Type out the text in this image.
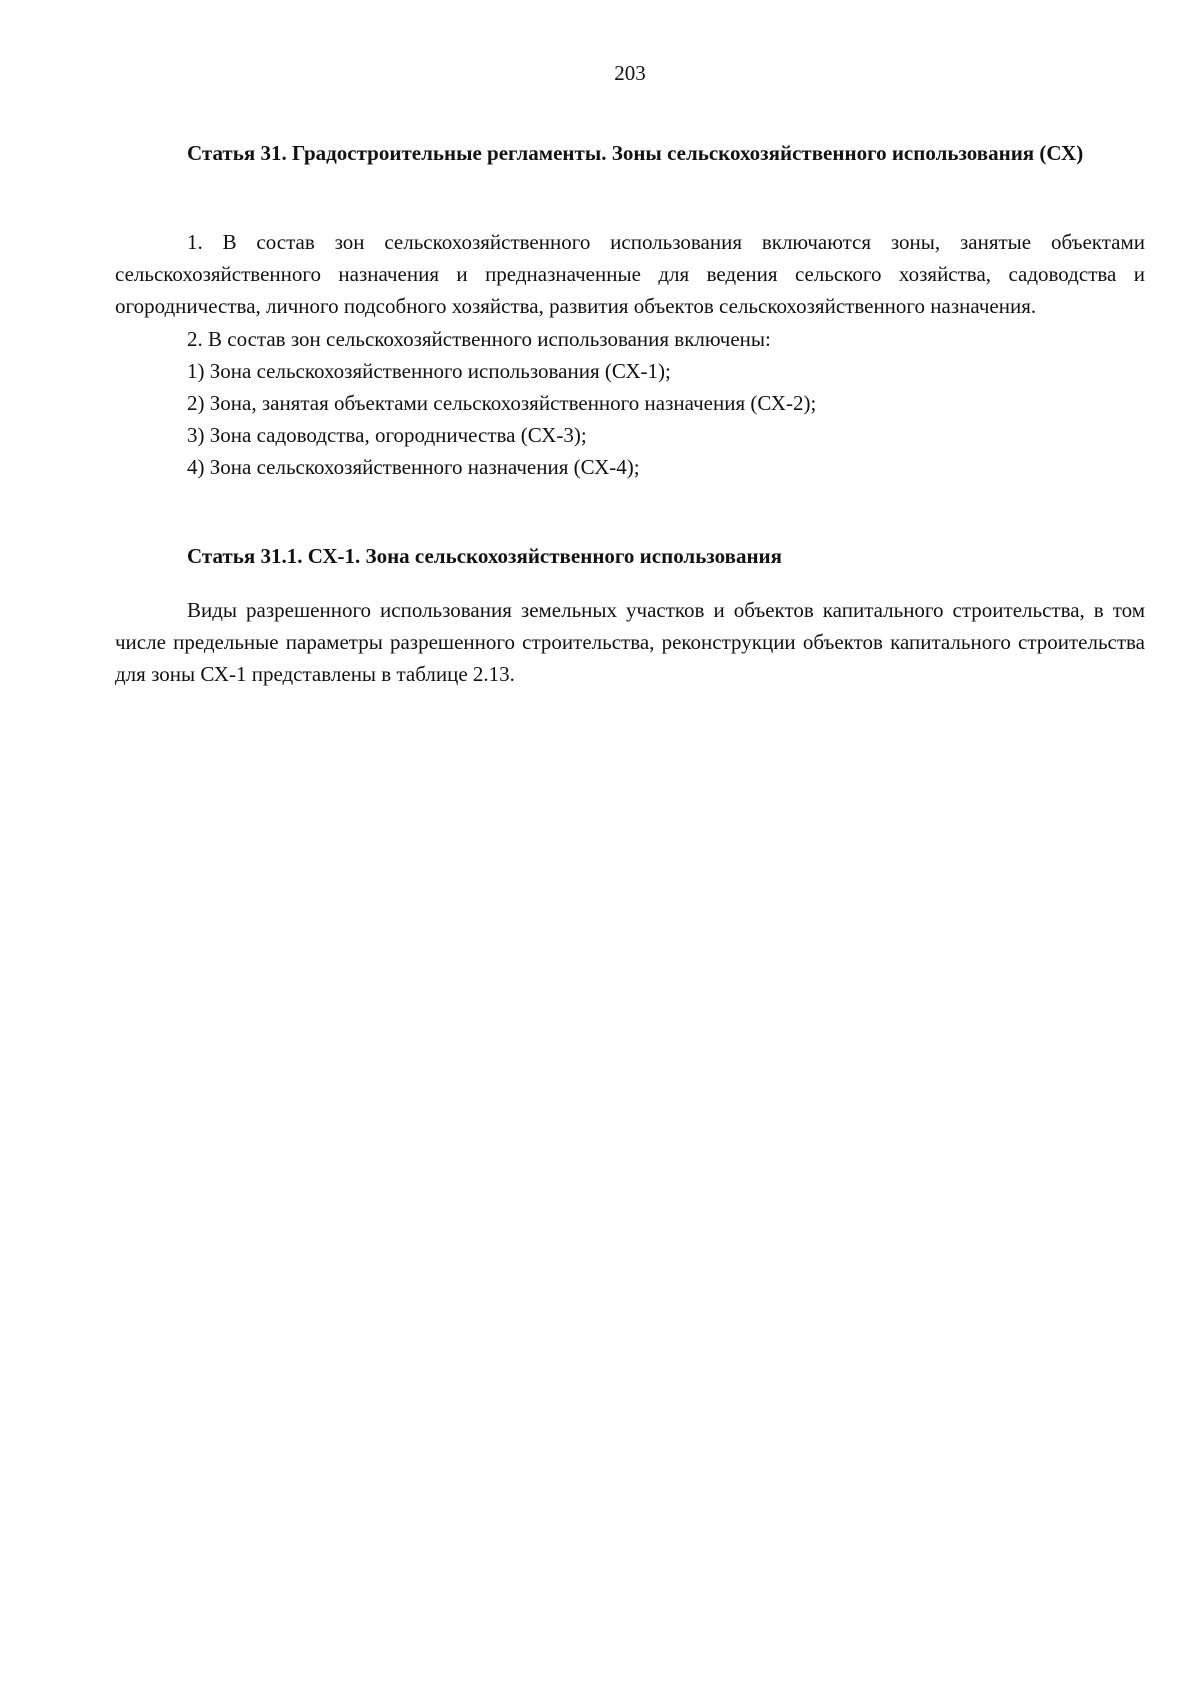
203
Статья 31. Градостроительные регламенты. Зоны сельскохозяйственного использования (СХ)

1. В состав зон сельскохозяйственного использования включаются зоны, занятые объектами сельскохозяйственного назначения и предназначенные для ведения сельского хозяйства, садоводства и огородничества, личного подсобного хозяйства, развития объектов сельскохозяйственного назначения.

2. В состав зон сельскохозяйственного использования включены:

1) Зона сельскохозяйственного использования (СХ-1);

2) Зона, занятая объектами сельскохозяйственного назначения (СХ-2);

3) Зона садоводства, огородничества (СХ-3);

4) Зона сельскохозяйственного назначения (СХ-4);

Статья 31.1. СХ-1. Зона сельскохозяйственного использования

Виды разрешенного использования земельных участков и объектов капитального строительства, в том числе предельные параметры разрешенного строительства, реконструкции объектов капитального строительства для зоны СХ-1 представлены в таблице 2.13.
